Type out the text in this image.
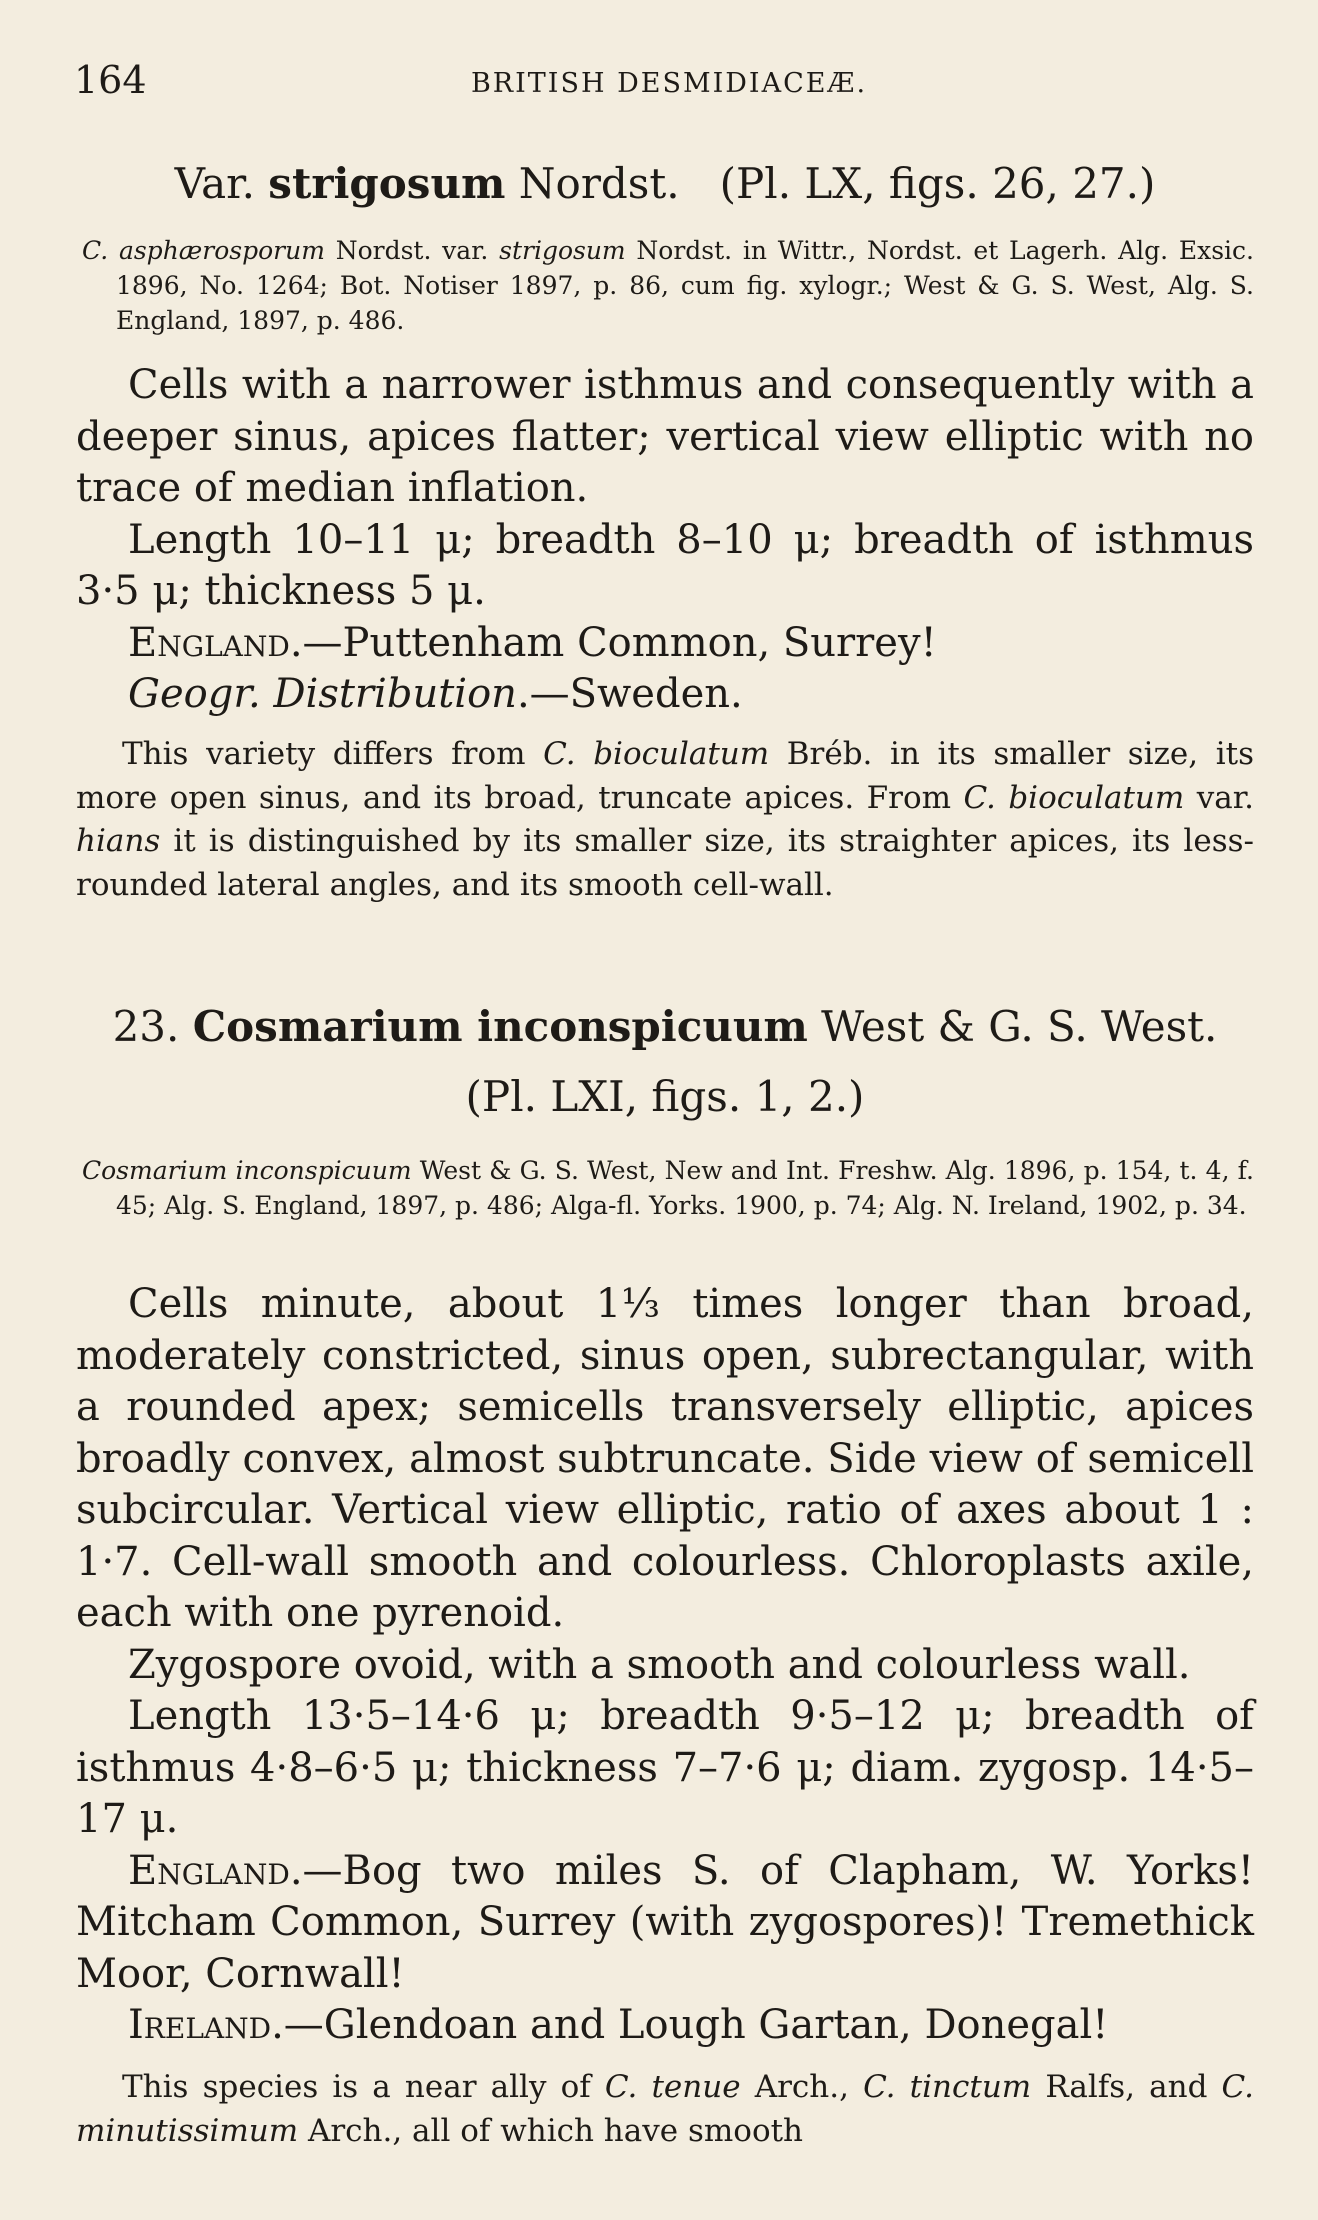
164	BRITISH DESMIDIACEÆ.
Var. strigosum Nordst. (Pl. LX, figs. 26, 27.)

C. asphærosporum Nordst. var. strigosum Nordst. in Wittr., Nordst. et Lagerh. Alg. Exsic. 1896, No. 1264; Bot. Notiser 1897, p. 86, cum fig. xylogr.; West & G. S. West, Alg. S. England, 1897, p. 486.

Cells with a narrower isthmus and consequently with a deeper sinus, apices flatter; vertical view elliptic with no trace of median inflation.

Length 10–11 μ; breadth 8–10 μ; breadth of isthmus 3·5 μ; thickness 5 μ.

England.—Puttenham Common, Surrey!

Geogr. Distribution.—Sweden.

This variety differs from C. bioculatum Bréb. in its smaller size, its more open sinus, and its broad, truncate apices. From C. bioculatum var. hians it is distinguished by its smaller size, its straighter apices, its less-rounded lateral angles, and its smooth cell-wall.

23. Cosmarium inconspicuum West & G. S. West.
(Pl. LXI, figs. 1, 2.)

Cosmarium inconspicuum West & G. S. West, New and Int. Freshw. Alg. 1896, p. 154, t. 4, f. 45; Alg. S. England, 1897, p. 486; Alga-fl. Yorks. 1900, p. 74; Alg. N. Ireland, 1902, p. 34.

Cells minute, about 1⅓ times longer than broad, moderately constricted, sinus open, subrectangular, with a rounded apex; semicells transversely elliptic, apices broadly convex, almost subtruncate. Side view of semicell subcircular. Vertical view elliptic, ratio of axes about 1 : 1·7. Cell-wall smooth and colourless. Chloroplasts axile, each with one pyrenoid.

Zygospore ovoid, with a smooth and colourless wall.

Length 13·5–14·6 μ; breadth 9·5–12 μ; breadth of isthmus 4·8–6·5 μ; thickness 7–7·6 μ; diam. zygosp. 14·5–17 μ.

England.—Bog two miles S. of Clapham, W. Yorks! Mitcham Common, Surrey (with zygospores)! Tremethick Moor, Cornwall!

Ireland.—Glendoan and Lough Gartan, Donegal!

This species is a near ally of C. tenue Arch., C. tinctum Ralfs, and C. minutissimum Arch., all of which have smooth
